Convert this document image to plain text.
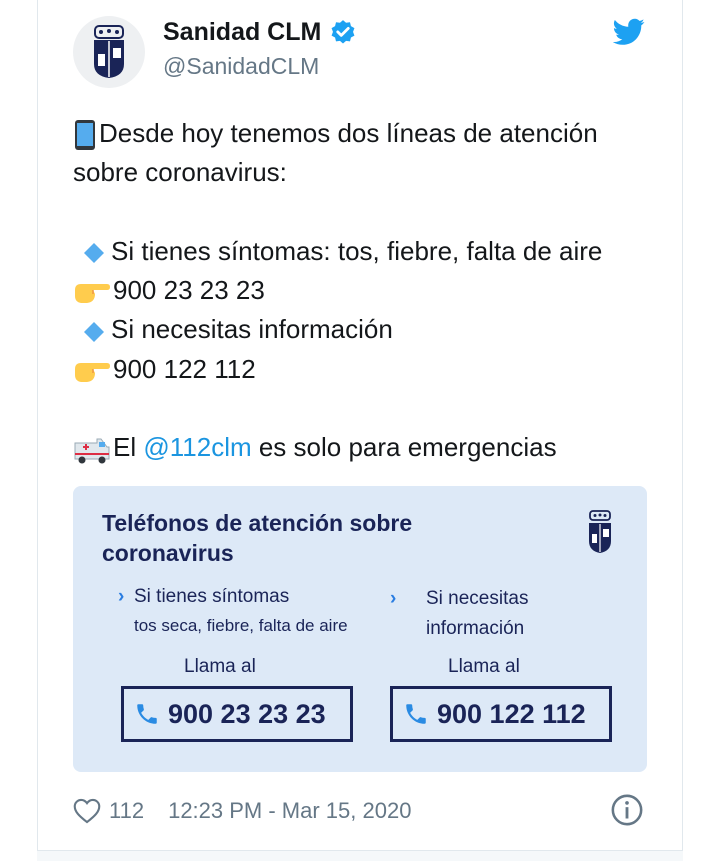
Sanidad CLM
@SanidadCLM
Desde hoy tenemos dos líneas de atención
sobre coronavirus:
Si tienes síntomas: tos, fiebre, falta de aire
900 23 23 23
Si necesitas información
900 122 112
El @112clm es solo para emergencias
Teléfonos de atención sobre coronavirus
› Si tienes síntomas
tos seca, fiebre, falta de aire
› Si necesitas
información
Llama al	Llama al
900 23 23 23	900 122 112
112 12:23 PM - Mar 15, 2020
